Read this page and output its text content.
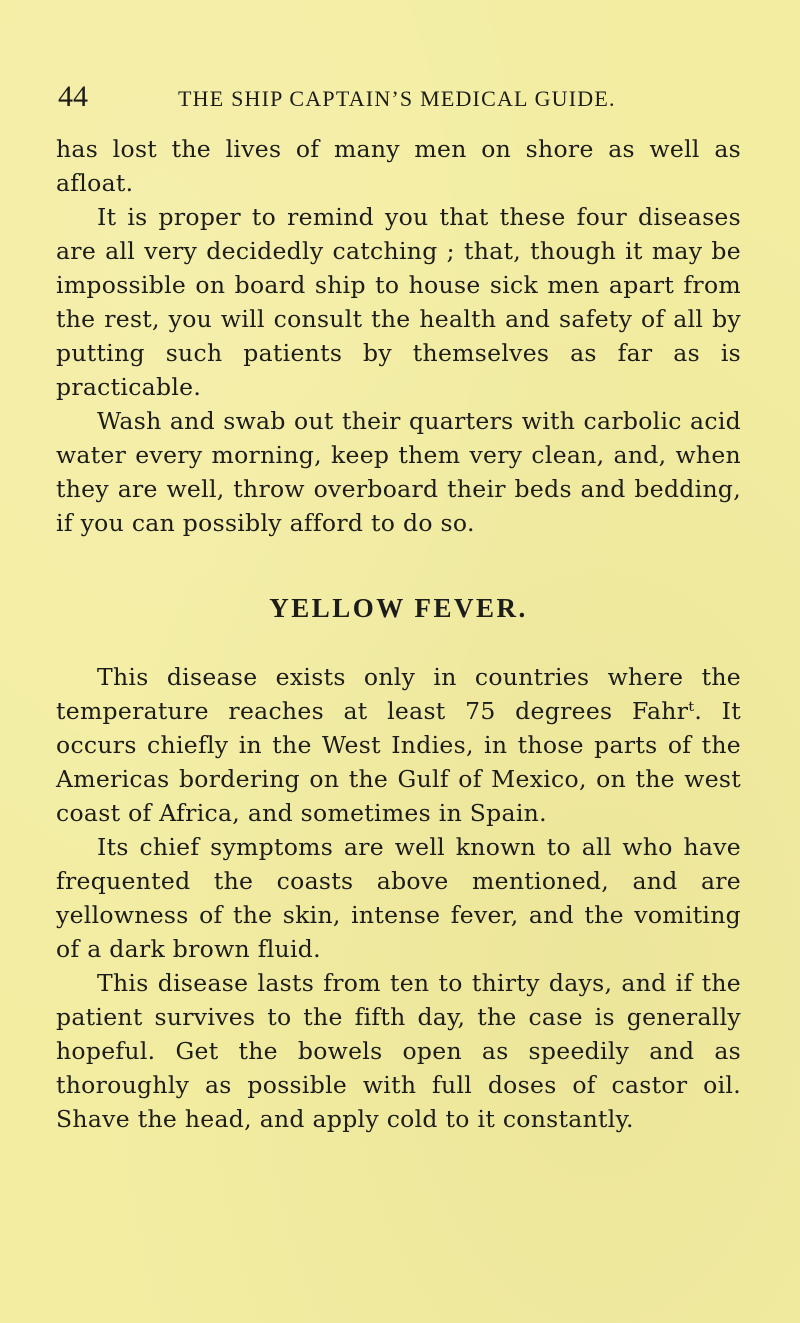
44	THE SHIP CAPTAIN’S MEDICAL GUIDE.

has lost the lives of many men on shore as well as afloat.

It is proper to remind you that these four diseases are all very decidedly catching ; that, though it may be impossible on board ship to house sick men apart from the rest, you will consult the health and safety of all by putting such patients by themselves as far as is practicable.

Wash and swab out their quarters with carbolic acid water every morning, keep them very clean, and, when they are well, throw overboard their beds and bedding, if you can possibly afford to do so.

YELLOW FEVER.

This disease exists only in countries where the temperature reaches at least 75 degrees Fahrᵗ. It occurs chiefly in the West Indies, in those parts of the Americas bordering on the Gulf of Mexico, on the west coast of Africa, and sometimes in Spain.

Its chief symptoms are well known to all who have frequented the coasts above mentioned, and are yellowness of the skin, intense fever, and the vomiting of a dark brown fluid.

This disease lasts from ten to thirty days, and if the patient survives to the fifth day, the case is generally hopeful. Get the bowels open as speedily and as thoroughly as possible with full doses of castor oil. Shave the head, and apply cold to it constantly.
